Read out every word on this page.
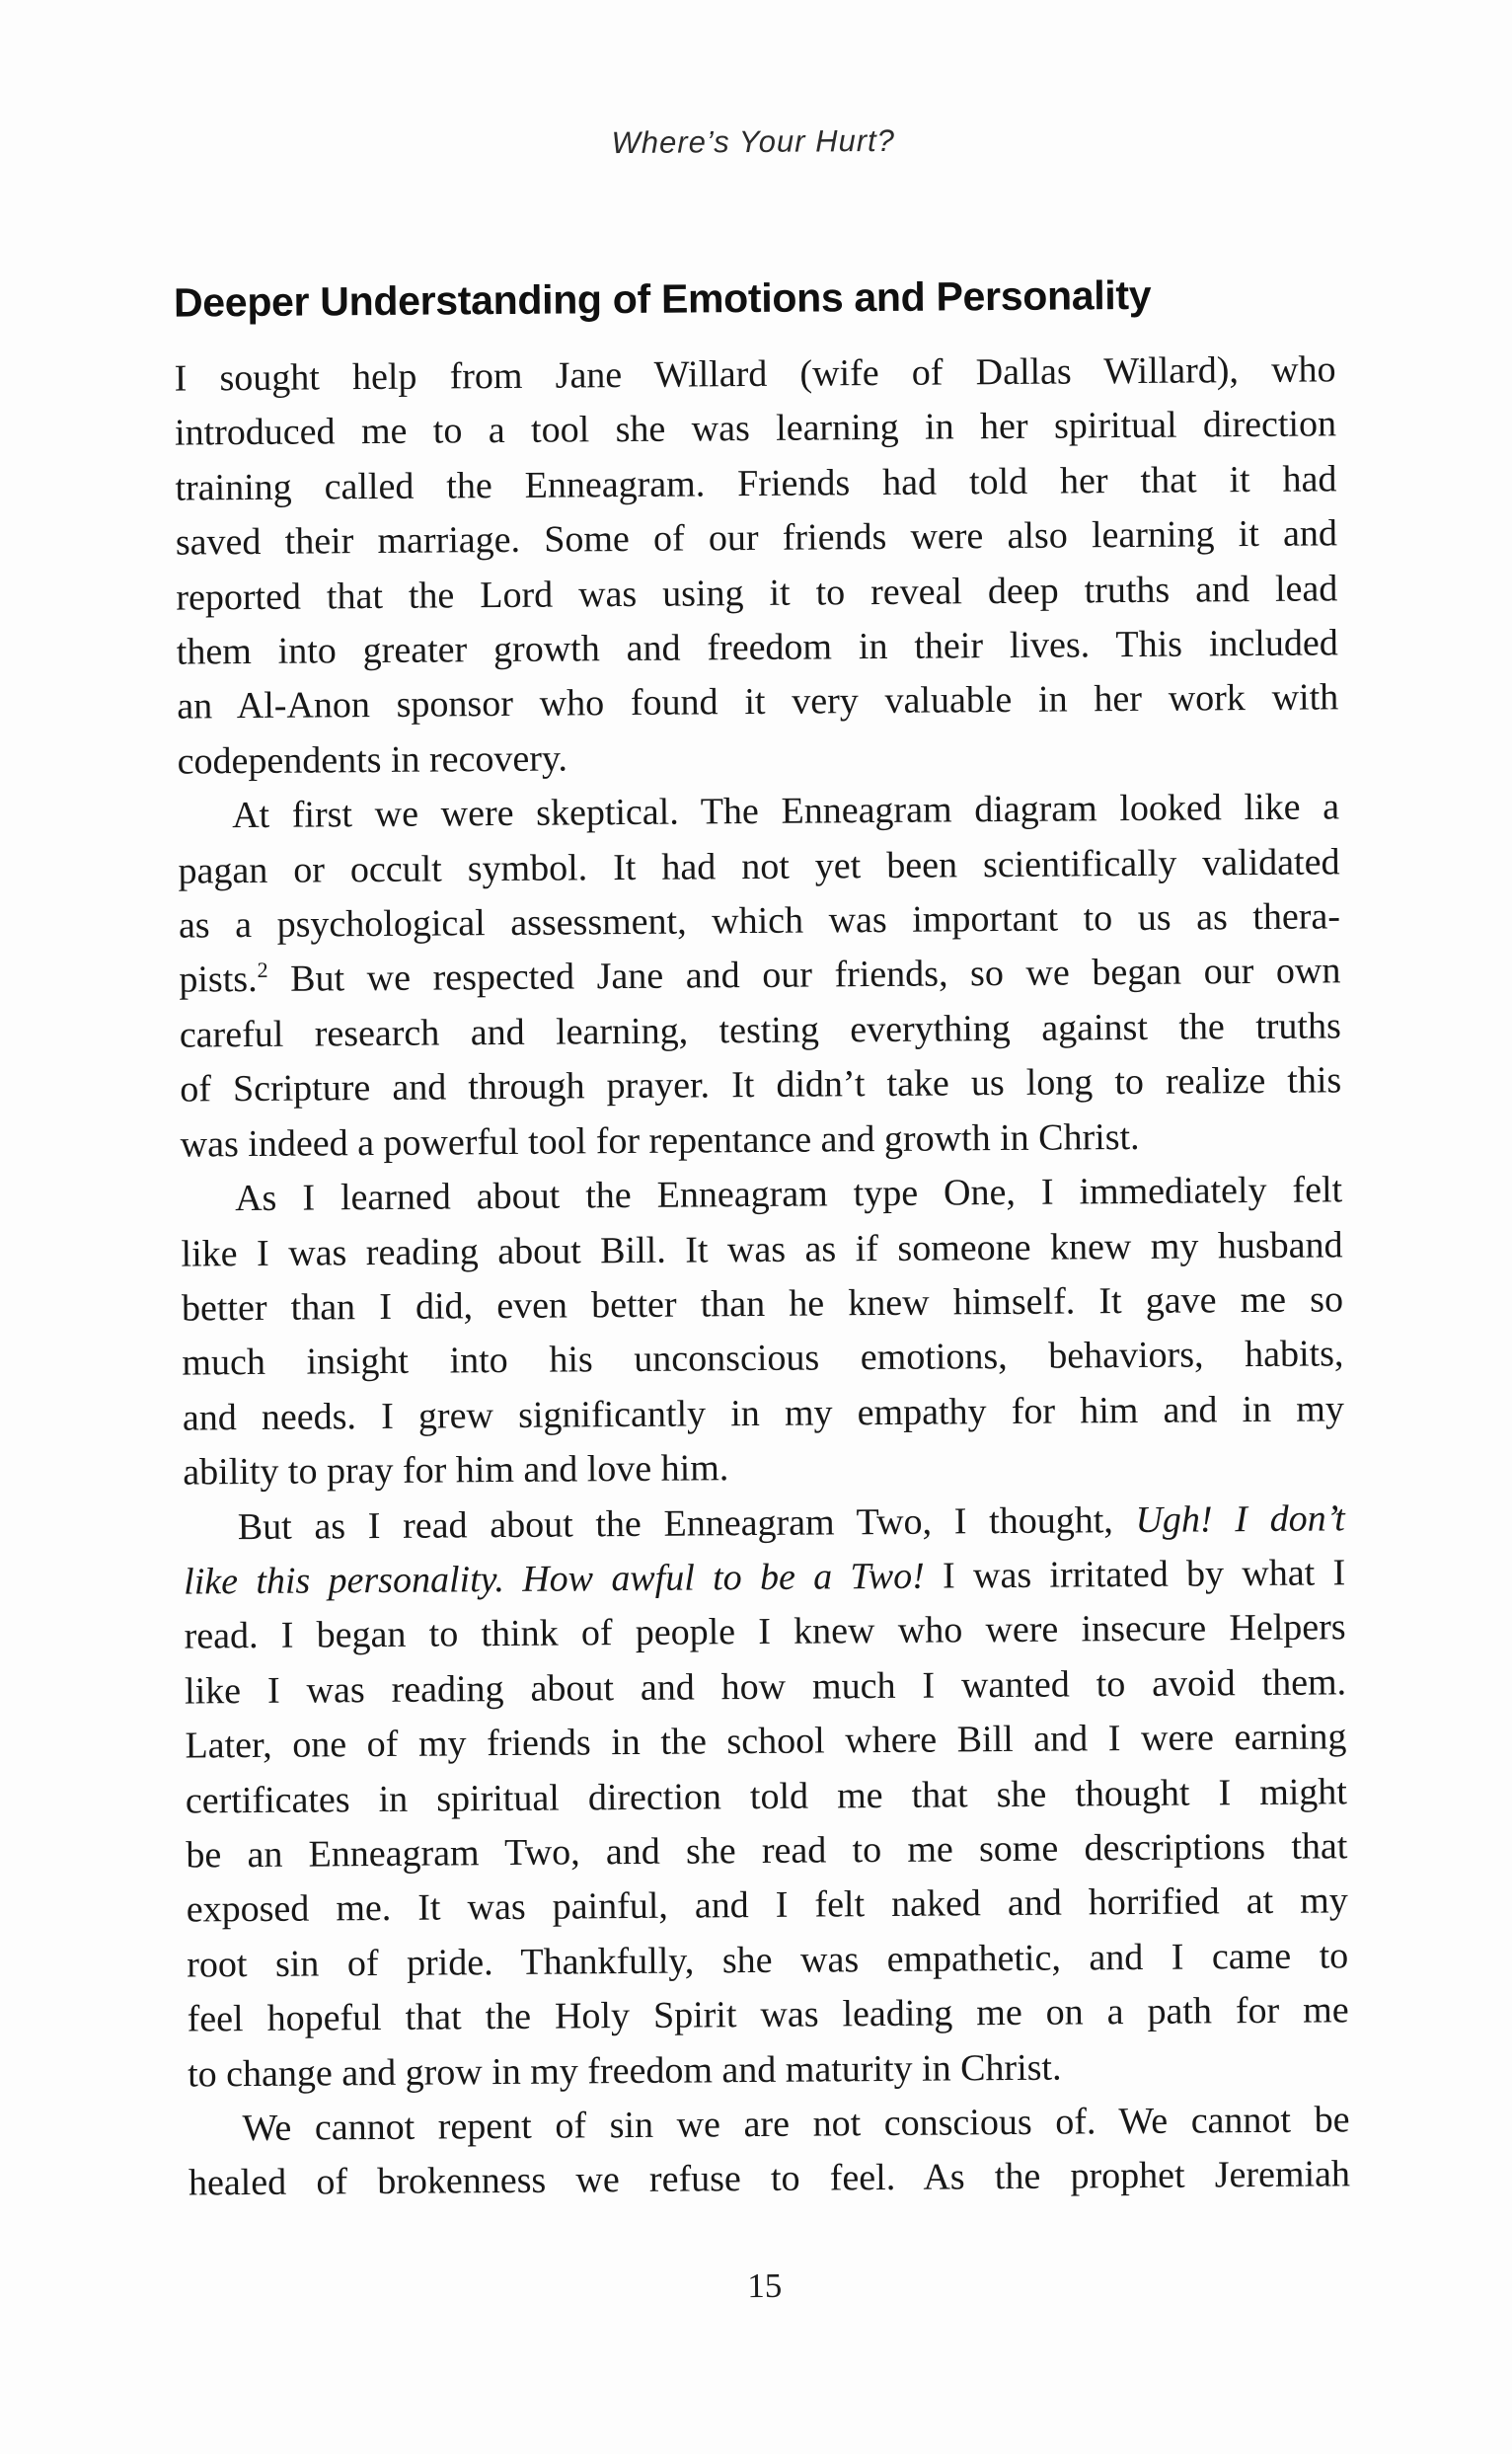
Where’s Your Hurt?
Deeper Understanding of Emotions and Personality
I sought help from Jane Willard (wife of Dallas Willard), who
introduced me to a tool she was learning in her spiritual direction
training called the Enneagram. Friends had told her that it had
saved their marriage. Some of our friends were also learning it and
reported that the Lord was using it to reveal deep truths and lead
them into greater growth and freedom in their lives. This included
an Al-Anon sponsor who found it very valuable in her work with
codependents in recovery.
At first we were skeptical. The Enneagram diagram looked like a
pagan or occult symbol. It had not yet been scientifically validated
as a psychological assessment, which was important to us as thera-
pists.$^2$ But we respected Jane and our friends, so we began our own
careful research and learning, testing everything against the truths
of Scripture and through prayer. It didn’t take us long to realize this
was indeed a powerful tool for repentance and growth in Christ.
As I learned about the Enneagram type One, I immediately felt
like I was reading about Bill. It was as if someone knew my husband
better than I did, even better than he knew himself. It gave me so
much insight into his unconscious emotions, behaviors, habits,
and needs. I grew significantly in my empathy for him and in my
ability to pray for him and love him.
But as I read about the Enneagram Two, I thought, Ugh! I don’t
like this personality. How awful to be a Two! I was irritated by what I
read. I began to think of people I knew who were insecure Helpers
like I was reading about and how much I wanted to avoid them.
Later, one of my friends in the school where Bill and I were earning
certificates in spiritual direction told me that she thought I might
be an Enneagram Two, and she read to me some descriptions that
exposed me. It was painful, and I felt naked and horrified at my
root sin of pride. Thankfully, she was empathetic, and I came to
feel hopeful that the Holy Spirit was leading me on a path for me
to change and grow in my freedom and maturity in Christ.
We cannot repent of sin we are not conscious of. We cannot be
healed of brokenness we refuse to feel. As the prophet Jeremiah
15
